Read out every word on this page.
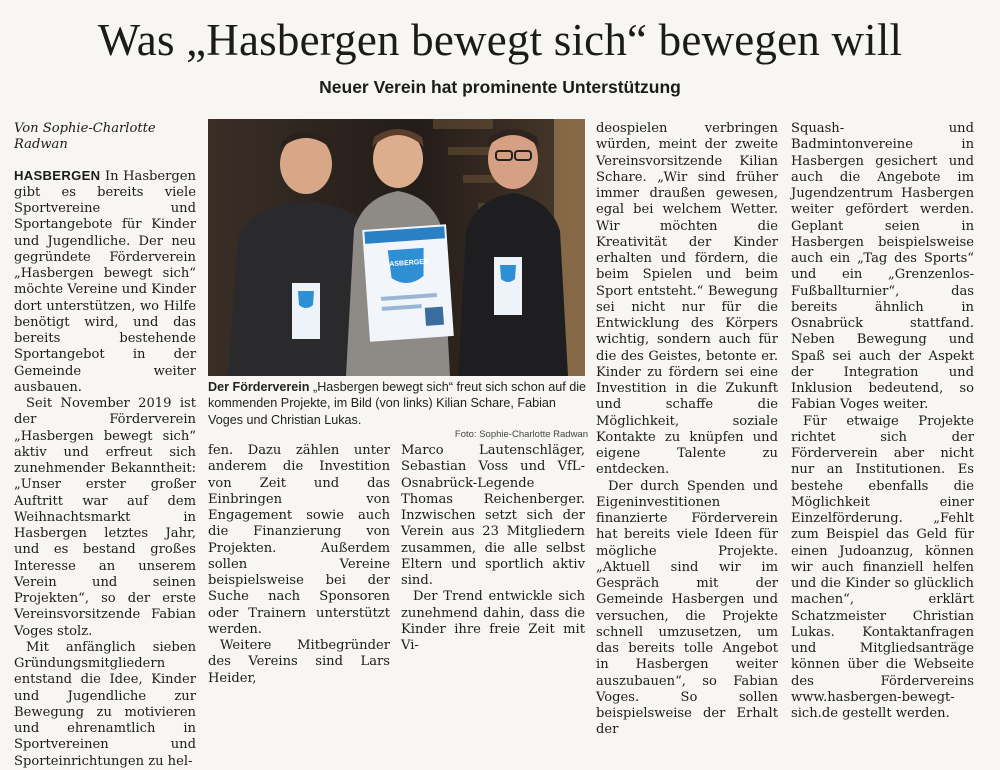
Was „Hasbergen bewegt sich“ bewegen will
Neuer Verein hat prominente Unterstützung

Von Sophie-Charlotte Radwan

HASBERGEN In Hasbergen gibt es bereits viele Sportvereine und Sportangebote für Kinder und Jugendliche. Der neu gegründete Förderverein „Hasbergen bewegt sich“ möchte Vereine und Kinder dort unterstützen, wo Hilfe benötigt wird, und das bereits bestehende Sportangebot in der Gemeinde weiter ausbauen.

Seit November 2019 ist der Förderverein „Hasbergen bewegt sich“ aktiv und erfreut sich zunehmender Bekanntheit: „Unser erster großer Auftritt war auf dem Weihnachtsmarkt in Hasbergen letztes Jahr, und es bestand großes Interesse an unserem Verein und seinen Projekten“, so der erste Vereinsvorsitzende Fabian Voges stolz.

Mit anfänglich sieben Gründungsmitgliedern entstand die Idee, Kinder und Jugendliche zur Bewegung zu motivieren und ehrenamtlich in Sportvereinen und Sporteinrichtungen zu hel-

HASBERGEN
Der Förderverein „Hasbergen bewegt sich“ freut sich schon auf die kommenden Projekte, im Bild (von links) Kilian Schare, Fabian Voges und Christian Lukas.
Foto: Sophie-Charlotte Radwan

fen. Dazu zählen unter anderem die Investition von Zeit und das Einbringen von Engagement sowie auch die Finanzierung von Projekten. Außerdem sollen Vereine beispielsweise bei der Suche nach Sponsoren oder Trainern unterstützt werden.

Weitere Mitbegründer des Vereins sind Lars Heider,

Marco Lautenschläger, Sebastian Voss und VfL-Osnabrück-Legende Thomas Reichenberger. Inzwischen setzt sich der Verein aus 23 Mitgliedern zusammen, die alle selbst Eltern und sportlich aktiv sind.

Der Trend entwickle sich zunehmend dahin, dass die Kinder ihre freie Zeit mit Vi-

deospielen verbringen würden, meint der zweite Vereinsvorsitzende Kilian Schare. „Wir sind früher immer draußen gewesen, egal bei welchem Wetter. Wir möchten die Kreativität der Kinder erhalten und fördern, die beim Spielen und beim Sport entsteht.“ Bewegung sei nicht nur für die Entwicklung des Körpers wichtig, sondern auch für die des Geistes, betonte er. Kinder zu fördern sei eine Investition in die Zukunft und schaffe die Möglichkeit, soziale Kontakte zu knüpfen und eigene Talente zu entdecken.

Der durch Spenden und Eigeninvestitionen finanzierte Förderverein hat bereits viele Ideen für mögliche Projekte. „Aktuell sind wir im Gespräch mit der Gemeinde Hasbergen und versuchen, die Projekte schnell umzusetzen, um das bereits tolle Angebot in Hasbergen weiter auszubauen“, so Fabian Voges. So sollen beispielsweise der Erhalt der

Squash- und Badmintonvereine in Hasbergen gesichert und auch die Angebote im Jugendzentrum Hasbergen weiter gefördert werden. Geplant seien in Hasbergen beispielsweise auch ein „Tag des Sports“ und ein „Grenzenlos-Fußballturnier“, das bereits ähnlich in Osnabrück stattfand. Neben Bewegung und Spaß sei auch der Aspekt der Integration und Inklusion bedeutend, so Fabian Voges weiter.

Für etwaige Projekte richtet sich der Förderverein aber nicht nur an Institutionen. Es bestehe ebenfalls die Möglichkeit einer Einzelförderung. „Fehlt zum Beispiel das Geld für einen Judoanzug, können wir auch finanziell helfen und die Kinder so glücklich machen“, erklärt Schatzmeister Christian Lukas. Kontaktanfragen und Mitgliedsanträge können über die Webseite des Fördervereins www.hasbergen-bewegt-sich.de gestellt werden.
